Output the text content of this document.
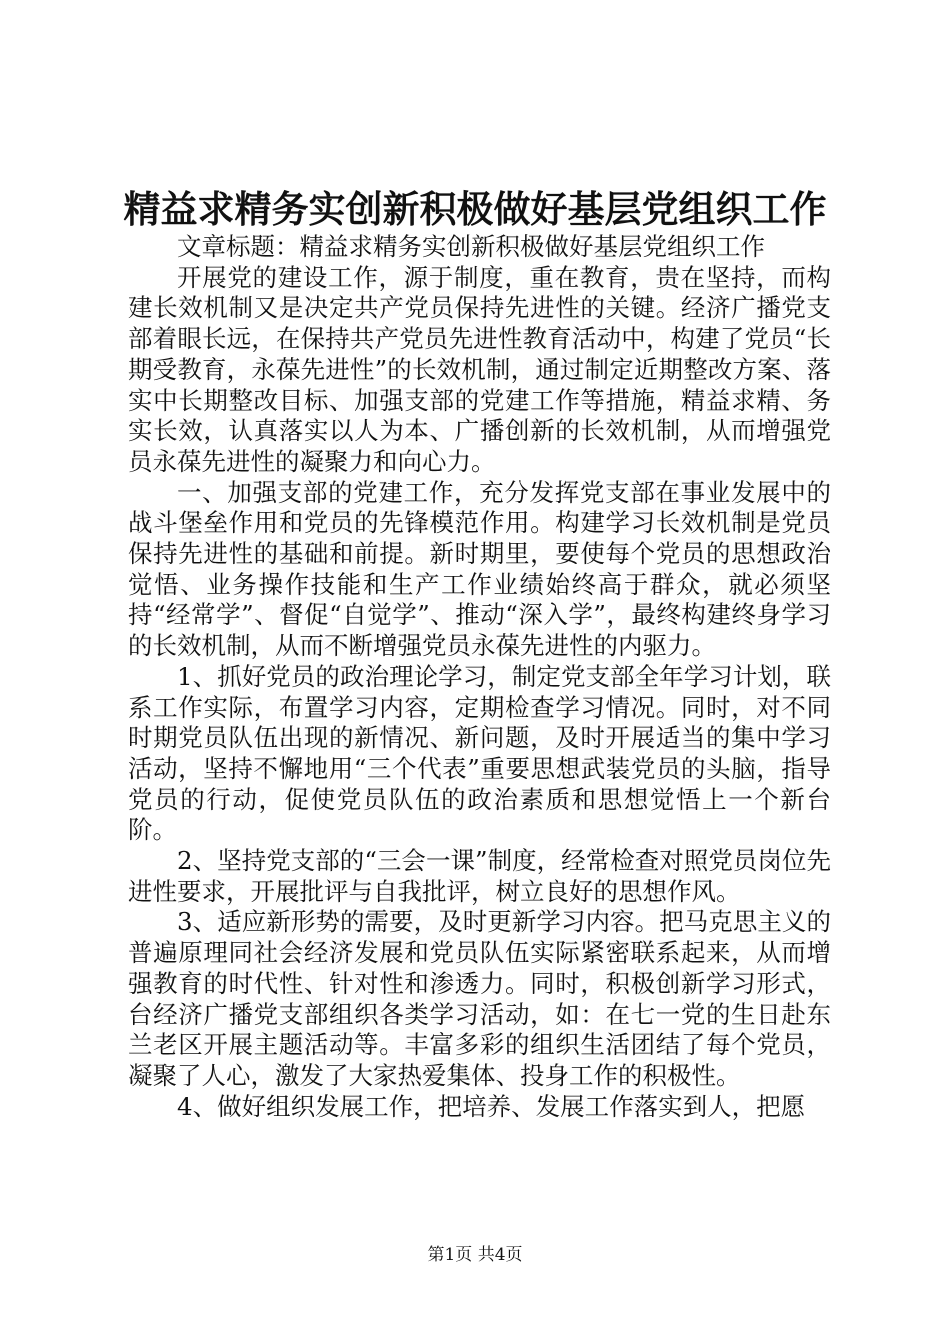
精益求精务实创新积极做好基层党组织工作

文章标题：精益求精务实创新积极做好基层党组织工作

开展党的建设工作，源于制度，重在教育，贵在坚持，而构建长效机制又是决定共产党员保持先进性的关键。经济广播党支部着眼长远，在保持共产党员先进性教育活动中，构建了党员“长期受教育，永葆先进性”的长效机制，通过制定近期整改方案、落实中长期整改目标、加强支部的党建工作等措施，精益求精、务实长效，认真落实以人为本、广播创新的长效机制，从而增强党员永葆先进性的凝聚力和向心力。

一、加强支部的党建工作，充分发挥党支部在事业发展中的战斗堡垒作用和党员的先锋模范作用。构建学习长效机制是党员保持先进性的基础和前提。新时期里，要使每个党员的思想政治觉悟、业务操作技能和生产工作业绩始终高于群众，就必须坚持“经常学”、督促“自觉学”、推动“深入学”，最终构建终身学习的长效机制，从而不断增强党员永葆先进性的内驱力。

1、抓好党员的政治理论学习，制定党支部全年学习计划，联系工作实际，布置学习内容，定期检查学习情况。同时，对不同时期党员队伍出现的新情况、新问题，及时开展适当的集中学习活动，坚持不懈地用“三个代表”重要思想武装党员的头脑，指导党员的行动，促使党员队伍的政治素质和思想觉悟上一个新台阶。

2、坚持党支部的“三会一课”制度，经常检查对照党员岗位先进性要求，开展批评与自我批评，树立良好的思想作风。

3、适应新形势的需要，及时更新学习内容。把马克思主义的普遍原理同社会经济发展和党员队伍实际紧密联系起来，从而增强教育的时代性、针对性和渗透力。同时，积极创新学习形式，台经济广播党支部组织各类学习活动，如：在七一党的生日赴东兰老区开展主题活动等。丰富多彩的组织生活团结了每个党员，凝聚了人心，激发了大家热爱集体、投身工作的积极性。

4、做好组织发展工作，把培养、发展工作落实到人，把愿

第1页 共4页
